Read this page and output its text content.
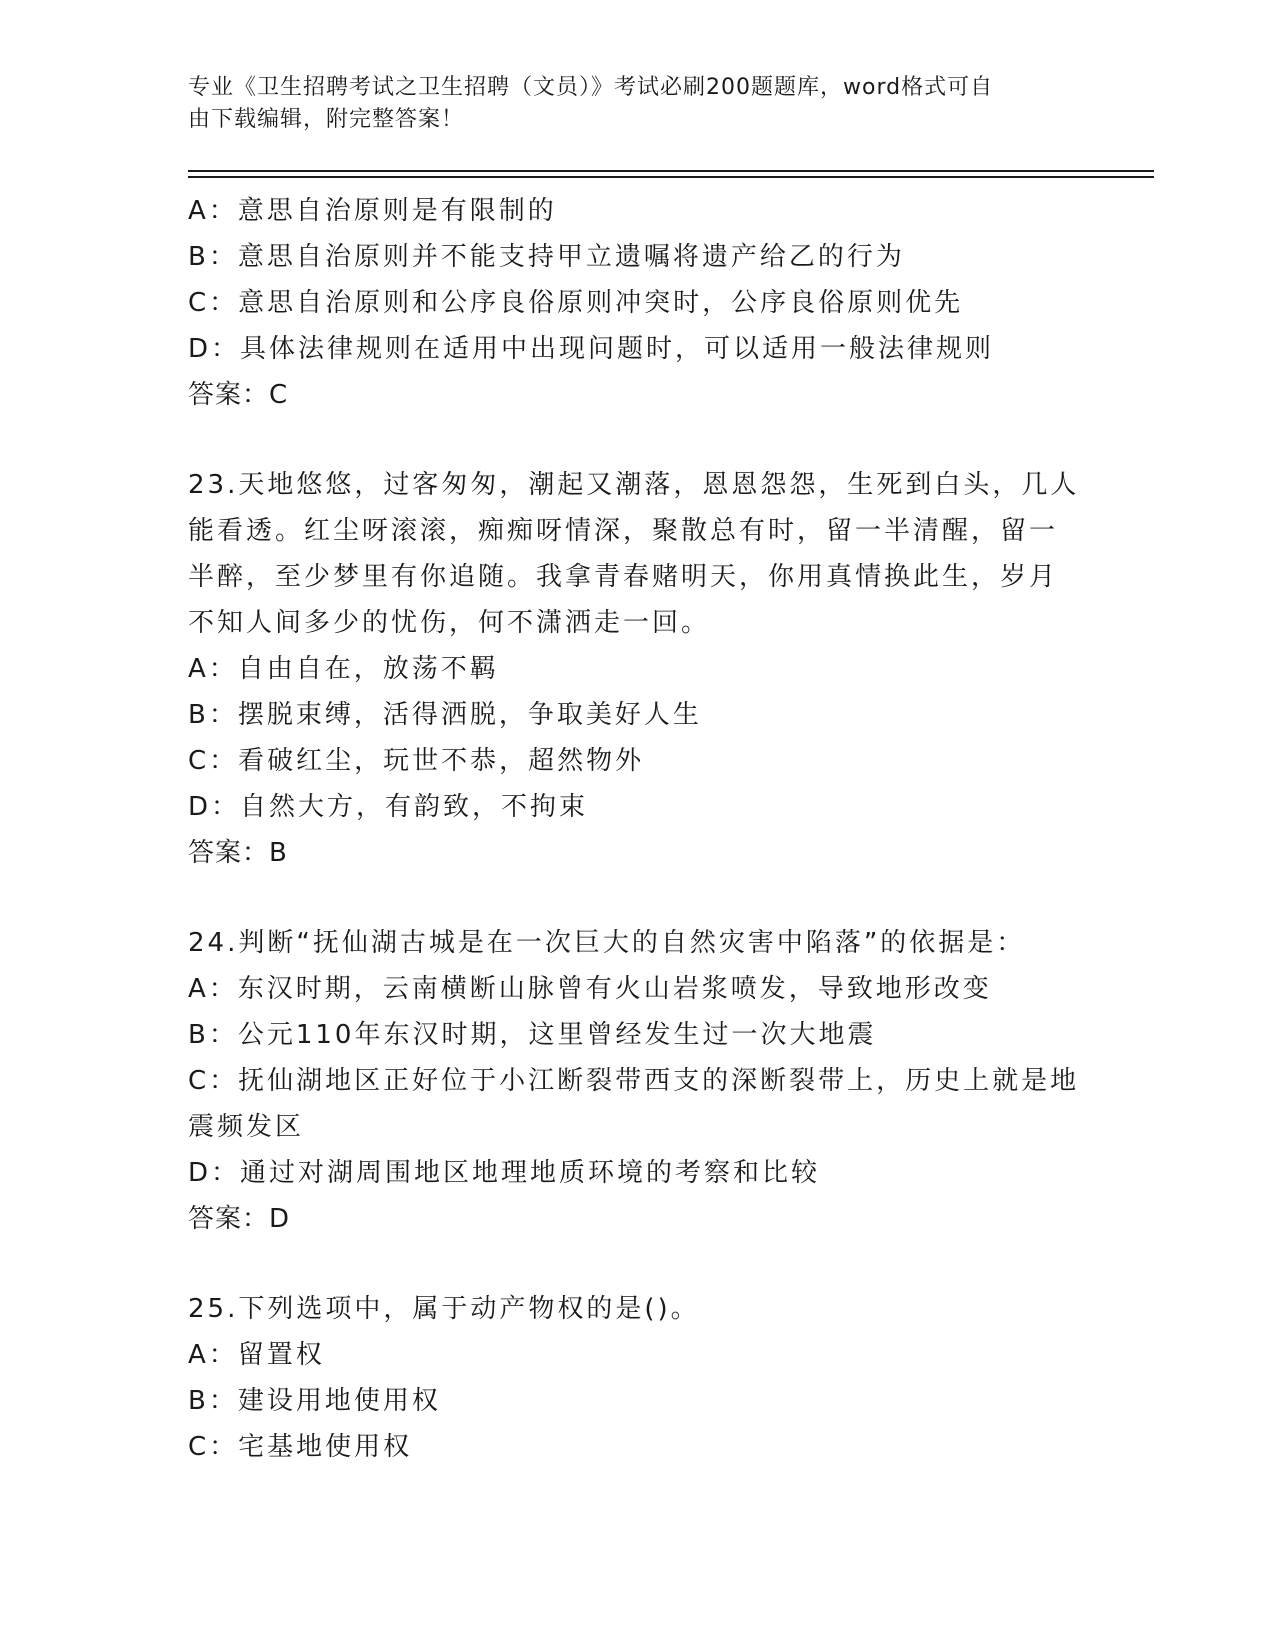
专业《卫生招聘考试之卫生招聘（文员）》考试必刷200题题库，word格式可自
由下载编辑，附完整答案！
A：意思自治原则是有限制的
B：意思自治原则并不能支持甲立遗嘱将遗产给乙的行为
C：意思自治原则和公序良俗原则冲突时，公序良俗原则优先
D：具体法律规则在适用中出现问题时，可以适用一般法律规则
答案：C
23.天地悠悠，过客匆匆，潮起又潮落，恩恩怨怨，生死到白头，几人
能看透。红尘呀滚滚，痴痴呀情深，聚散总有时，留一半清醒，留一
半醉，至少梦里有你追随。我拿青春赌明天，你用真情换此生，岁月
不知人间多少的忧伤，何不潇洒走一回。
A：自由自在，放荡不羁
B：摆脱束缚，活得洒脱，争取美好人生
C：看破红尘，玩世不恭，超然物外
D：自然大方，有韵致，不拘束
答案：B
24.判断“抚仙湖古城是在一次巨大的自然灾害中陷落”的依据是：
A：东汉时期，云南横断山脉曾有火山岩浆喷发，导致地形改变
B：公元110年东汉时期，这里曾经发生过一次大地震
C：抚仙湖地区正好位于小江断裂带西支的深断裂带上，历史上就是地
震频发区
D：通过对湖周围地区地理地质环境的考察和比较
答案：D
25.下列选项中，属于动产物权的是()。
A：留置权
B：建设用地使用权
C：宅基地使用权
